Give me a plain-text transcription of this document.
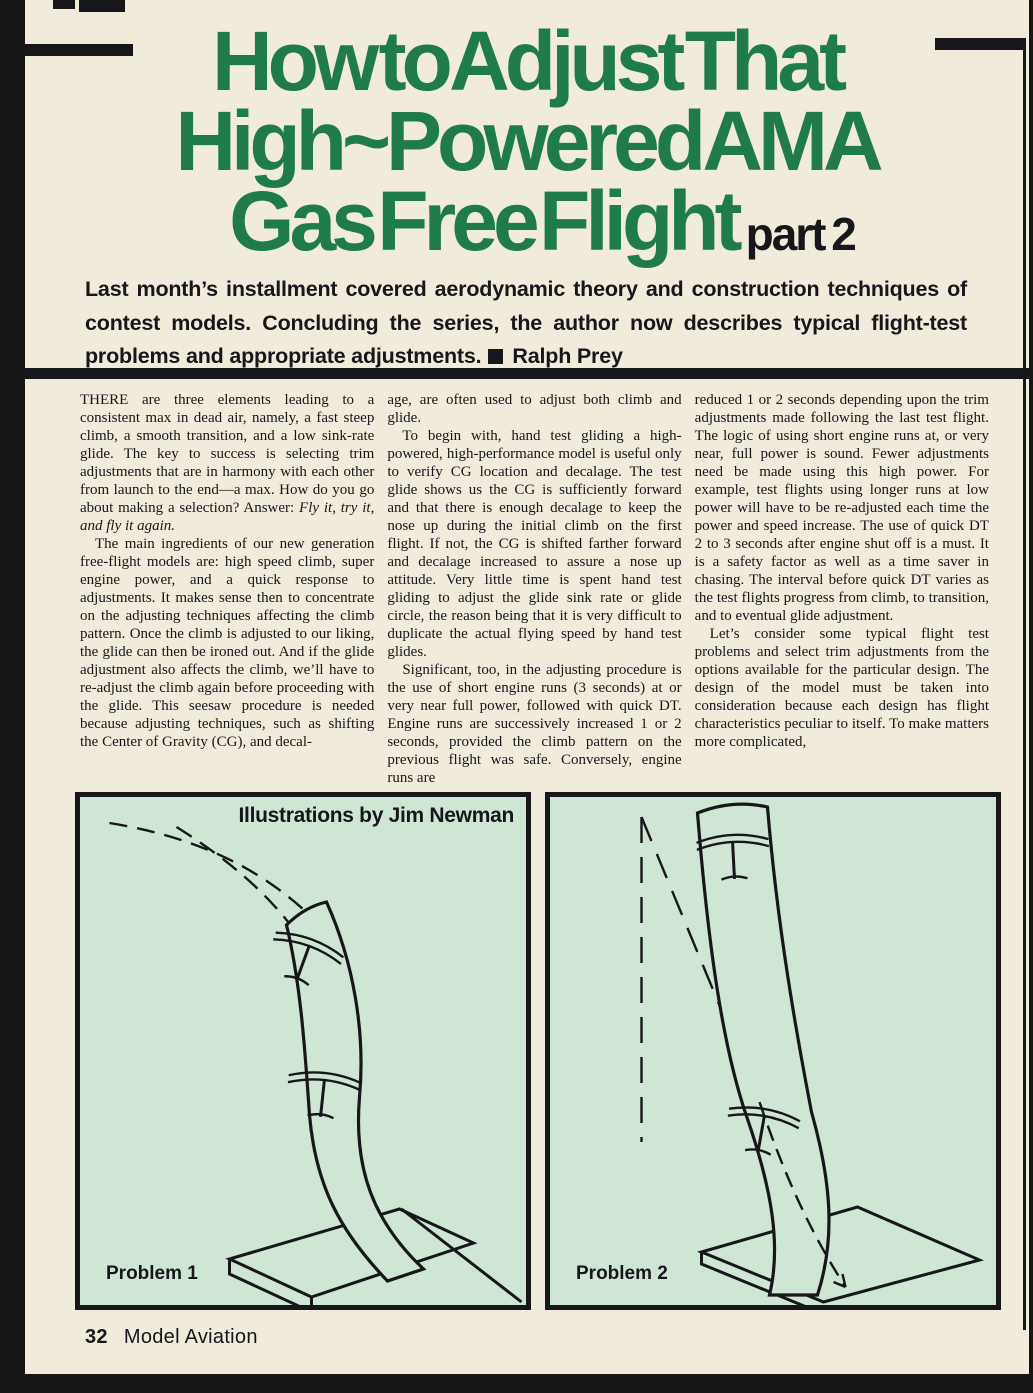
How to Adjust That
High~Powered AMA
Gas Free Flight part 2

Last month’s installment covered aerodynamic theory and construction techniques of contest models. Concluding the series, the author now describes typical flight-test problems and appropriate adjustments. Ralph Prey

THERE are three elements leading to a consistent max in dead air, namely, a fast steep climb, a smooth transition, and a low sink-rate glide. The key to success is selecting trim adjustments that are in harmony with each other from launch to the end—a max. How do you go about making a selection? Answer: Fly it, try it, and fly it again.

The main ingredients of our new generation free-flight models are: high speed climb, super engine power, and a quick response to adjustments. It makes sense then to concentrate on the adjusting techniques affecting the climb pattern. Once the climb is adjusted to our liking, the glide can then be ironed out. And if the glide adjustment also affects the climb, we’ll have to re-adjust the climb again before proceeding with the glide. This seesaw procedure is needed because adjusting techniques, such as shifting the Center of Gravity (CG), and decal-

age, are often used to adjust both climb and glide.

To begin with, hand test gliding a high-powered, high-performance model is useful only to verify CG location and decalage. The test glide shows us the CG is sufficiently forward and that there is enough decalage to keep the nose up during the initial climb on the first flight. If not, the CG is shifted farther forward and decalage increased to assure a nose up attitude. Very little time is spent hand test gliding to adjust the glide sink rate or glide circle, the reason being that it is very difficult to duplicate the actual flying speed by hand test glides.

Significant, too, in the adjusting procedure is the use of short engine runs (3 seconds) at or very near full power, followed with quick DT. Engine runs are successively increased 1 or 2 seconds, provided the climb pattern on the previous flight was safe. Conversely, engine runs are

reduced 1 or 2 seconds depending upon the trim adjustments made following the last test flight. The logic of using short engine runs at, or very near, full power is sound. Fewer adjustments need be made using this high power. For example, test flights using longer runs at low power will have to be re-adjusted each time the power and speed increase. The use of quick DT 2 to 3 seconds after engine shut off is a must. It is a safety factor as well as a time saver in chasing. The interval before quick DT varies as the test flights progress from climb, to transition, and to eventual glide adjustment.

Let’s consider some typical flight test problems and select trim adjustments from the options available for the particular design. The design of the model must be taken into consideration because each design has flight characteristics peculiar to itself. To make matters more complicated,

Illustrations by Jim Newman
Problem 1	Problem 2
32 Model Aviation
